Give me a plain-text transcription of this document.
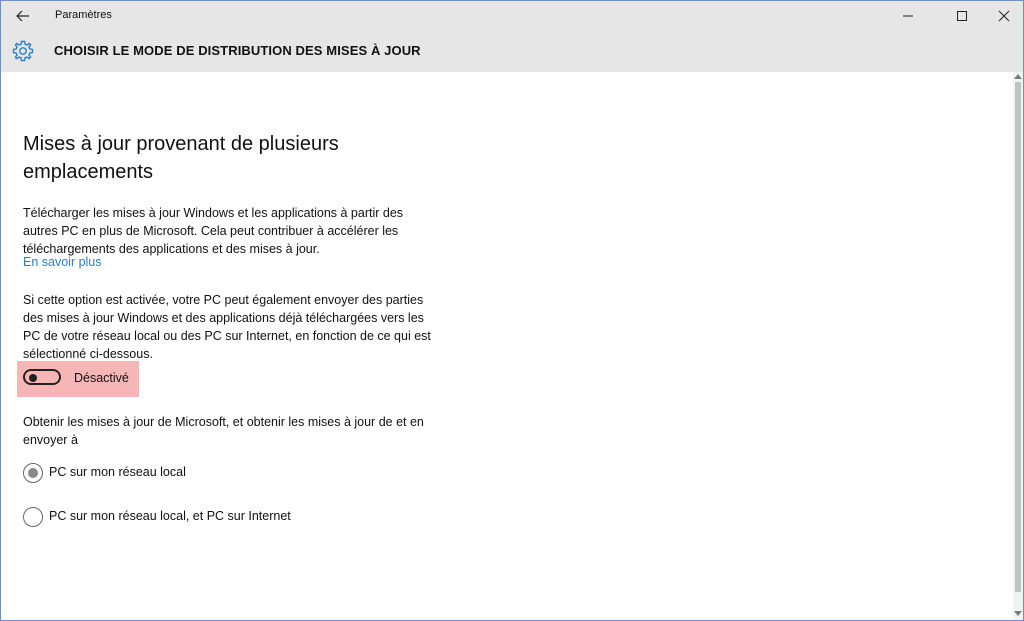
Paramètres
CHOISIR LE MODE DE DISTRIBUTION DES MISES À JOUR
Mises à jour provenant de plusieurs emplacements
Télécharger les mises à jour Windows et les applications à partir des autres PC en plus de Microsoft. Cela peut contribuer à accélérer les téléchargements des applications et des mises à jour.
En savoir plus
Si cette option est activée, votre PC peut également envoyer des parties des mises à jour Windows et des applications déjà téléchargées vers les PC de votre réseau local ou des PC sur Internet, en fonction de ce qui est sélectionné ci-dessous.
Désactivé
Obtenir les mises à jour de Microsoft, et obtenir les mises à jour de et en envoyer à
PC sur mon réseau local
PC sur mon réseau local, et PC sur Internet
